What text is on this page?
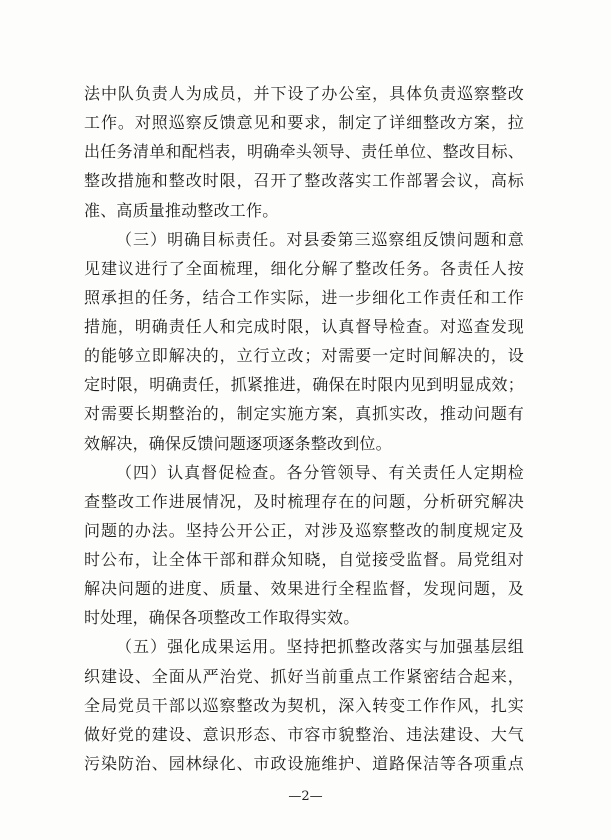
法中队负责人为成员，并下设了办公室，具体负责巡察整改
工作。对照巡察反馈意见和要求，制定了详细整改方案，拉
出任务清单和配档表，明确牵头领导、责任单位、整改目标、
整改措施和整改时限，召开了整改落实工作部署会议，高标
准、高质量推动整改工作。
（三）明确目标责任。对县委第三巡察组反馈问题和意
见建议进行了全面梳理，细化分解了整改任务。各责任人按
照承担的任务，结合工作实际，进一步细化工作责任和工作
措施，明确责任人和完成时限，认真督导检查。对巡查发现
的能够立即解决的，立行立改；对需要一定时间解决的，设
定时限，明确责任，抓紧推进，确保在时限内见到明显成效；
对需要长期整治的，制定实施方案，真抓实改，推动问题有
效解决，确保反馈问题逐项逐条整改到位。
（四）认真督促检查。各分管领导、有关责任人定期检
查整改工作进展情况，及时梳理存在的问题，分析研究解决
问题的办法。坚持公开公正，对涉及巡察整改的制度规定及
时公布，让全体干部和群众知晓，自觉接受监督。局党组对
解决问题的进度、质量、效果进行全程监督，发现问题，及
时处理，确保各项整改工作取得实效。
（五）强化成果运用。坚持把抓整改落实与加强基层组
织建设、全面从严治党、抓好当前重点工作紧密结合起来，
全局党员干部以巡察整改为契机，深入转变工作作风，扎实
做好党的建设、意识形态、市容市貌整治、违法建设、大气
污染防治、园林绿化、市政设施维护、道路保洁等各项重点
—2—
